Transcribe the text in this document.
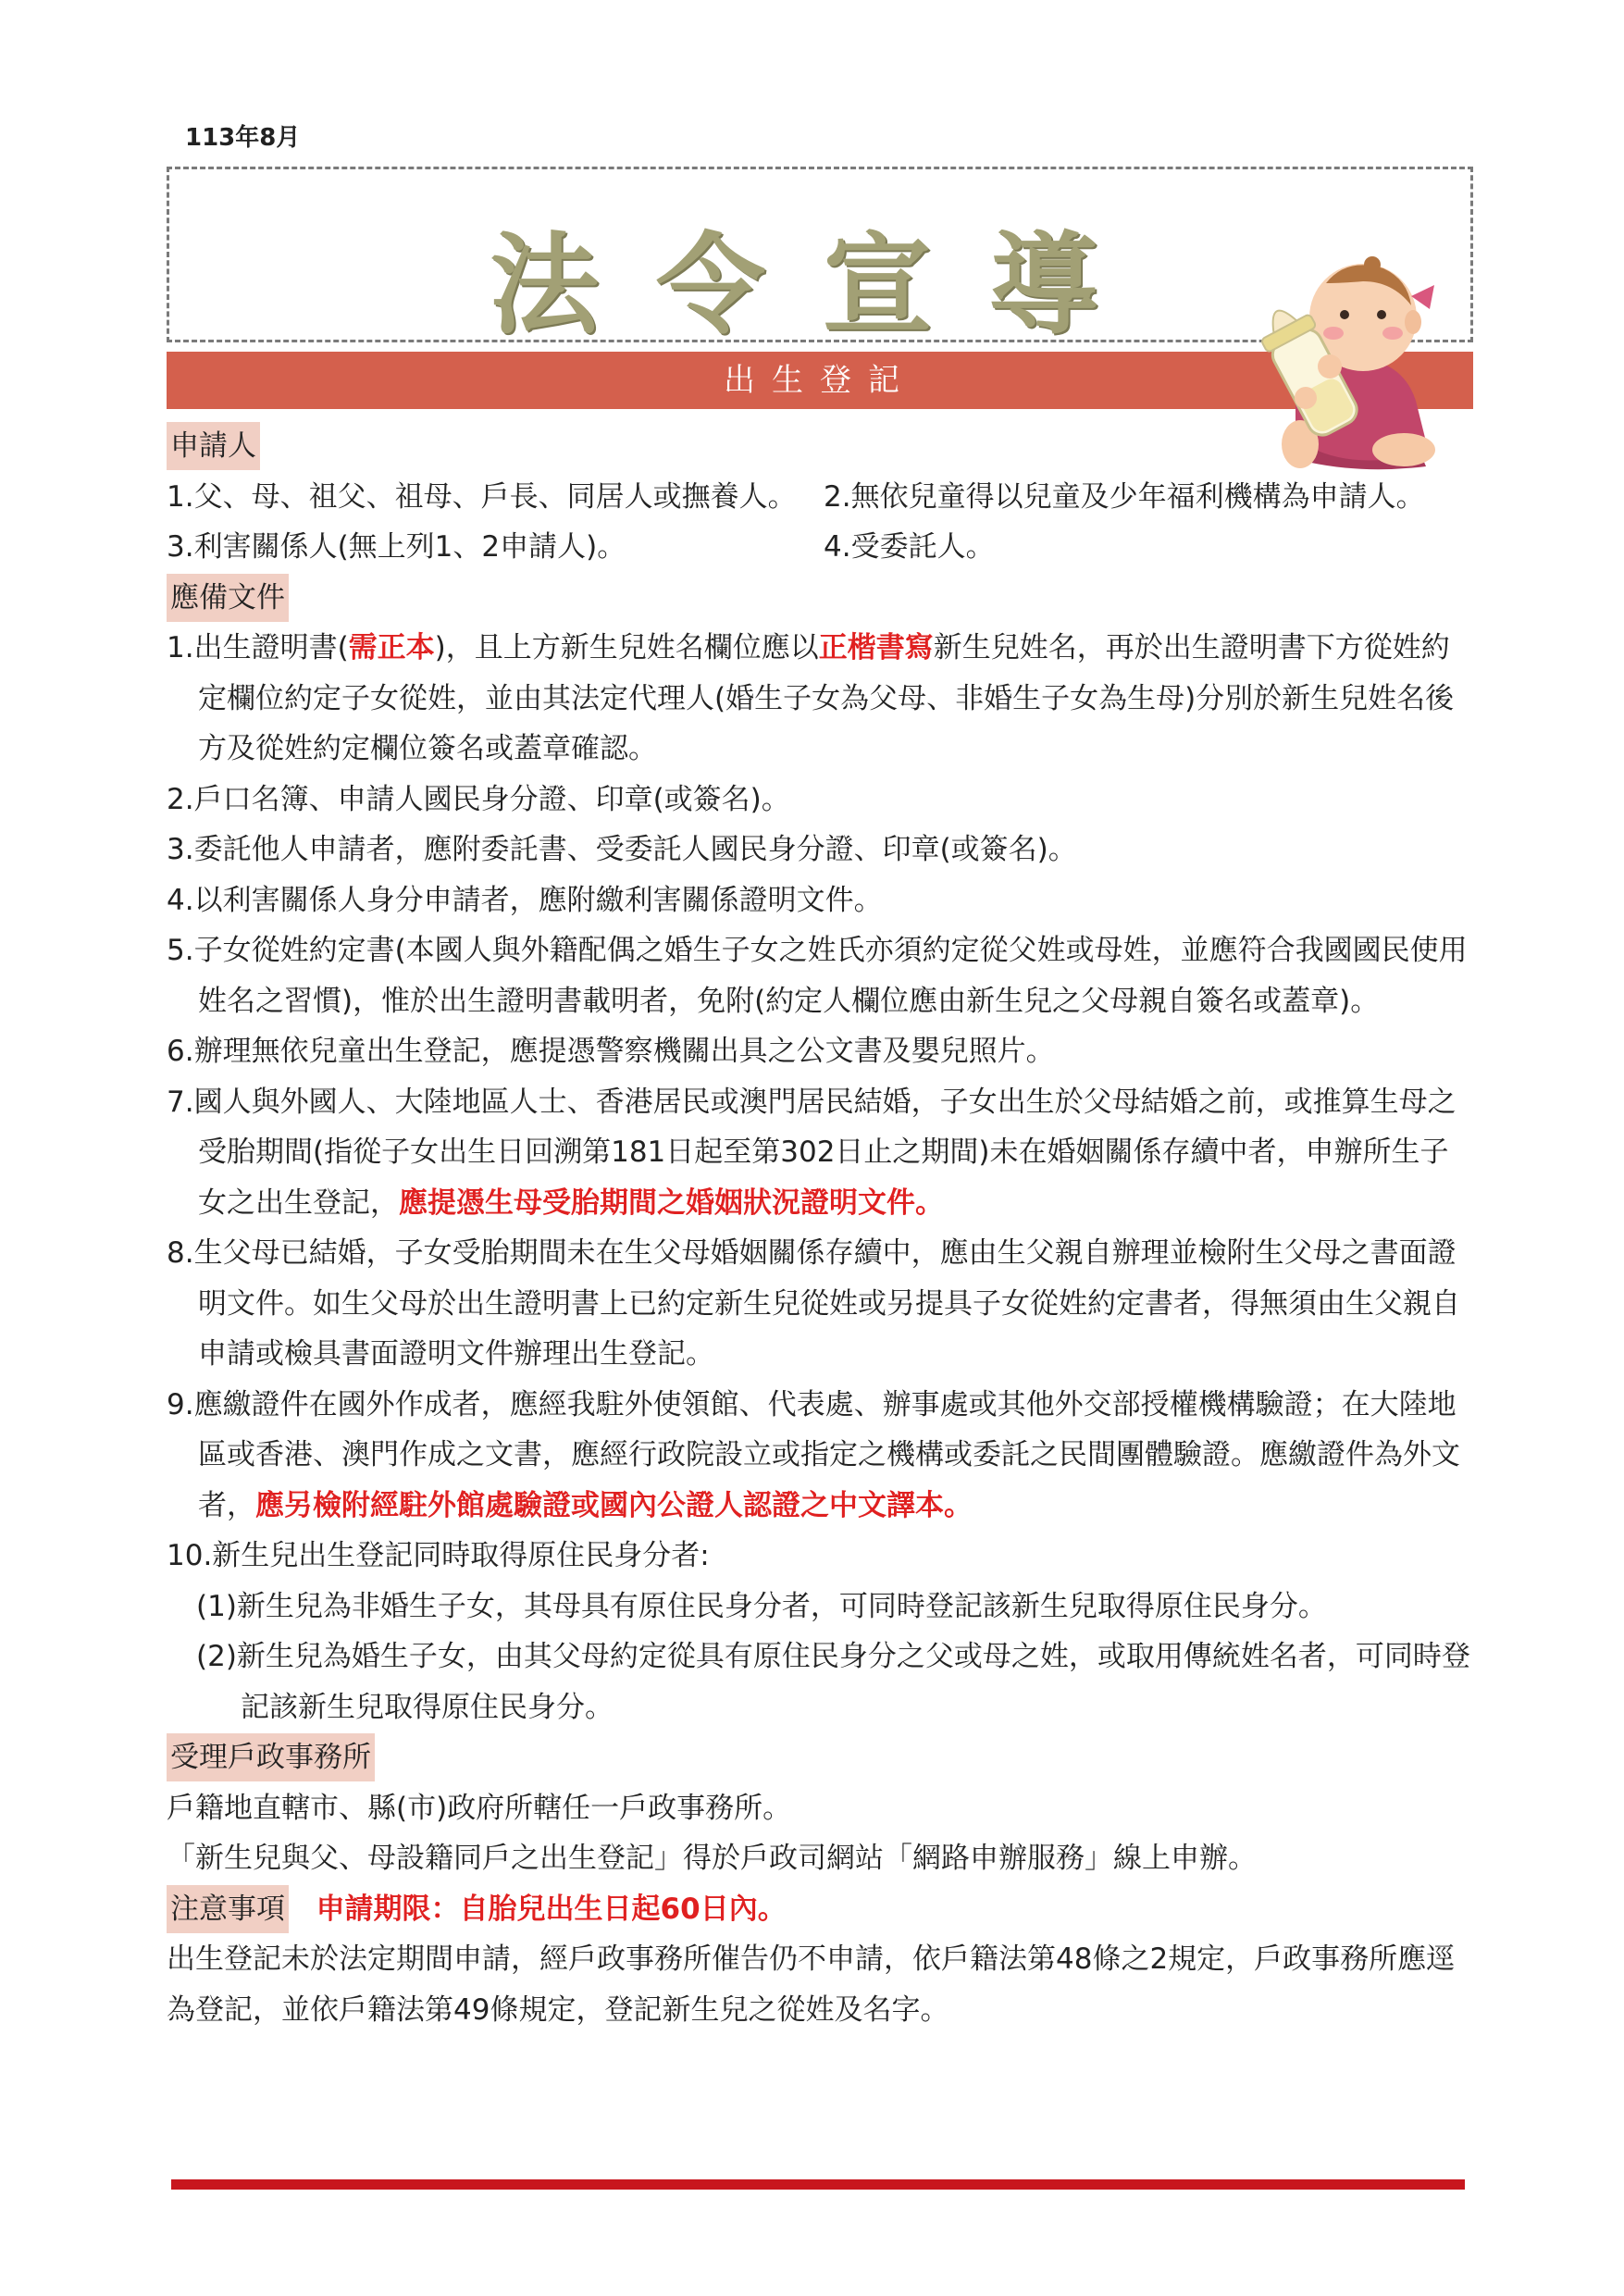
113年8月
法令宣導
出生登記

申請人

1.父、母、祖父、祖母、戶長、同居人或撫養人。 2.無依兒童得以兒童及少年福利機構為申請人。
3.利害關係人(無上列1、2申請人)。	4.受委託人。

應備文件

1.出生證明書(需正本)，且上方新生兒姓名欄位應以正楷書寫新生兒姓名，再於出生證明書下方從姓約定欄位約定子女從姓，並由其法定代理人(婚生子女為父母、非婚生子女為生母)分別於新生兒姓名後方及從姓約定欄位簽名或蓋章確認。

2.戶口名簿、申請人國民身分證、印章(或簽名)。

3.委託他人申請者，應附委託書、受委託人國民身分證、印章(或簽名)。

4.以利害關係人身分申請者，應附繳利害關係證明文件。

5.子女從姓約定書(本國人與外籍配偶之婚生子女之姓氏亦須約定從父姓或母姓，並應符合我國國民使用姓名之習慣)，惟於出生證明書載明者，免附(約定人欄位應由新生兒之父母親自簽名或蓋章)。

6.辦理無依兒童出生登記，應提憑警察機關出具之公文書及嬰兒照片。

7.國人與外國人、大陸地區人士、香港居民或澳門居民結婚，子女出生於父母結婚之前，或推算生母之受胎期間(指從子女出生日回溯第181日起至第302日止之期間)未在婚姻關係存續中者，申辦所生子女之出生登記，應提憑生母受胎期間之婚姻狀況證明文件。

8.生父母已結婚，子女受胎期間未在生父母婚姻關係存續中，應由生父親自辦理並檢附生父母之書面證明文件。如生父母於出生證明書上已約定新生兒從姓或另提具子女從姓約定書者，得無須由生父親自申請或檢具書面證明文件辦理出生登記。

9.應繳證件在國外作成者，應經我駐外使領館、代表處、辦事處或其他外交部授權機構驗證；在大陸地區或香港、澳門作成之文書，應經行政院設立或指定之機構或委託之民間團體驗證。應繳證件為外文者，應另檢附經駐外館處驗證或國內公證人認證之中文譯本。

10.新生兒出生登記同時取得原住民身分者:

(1)新生兒為非婚生子女，其母具有原住民身分者，可同時登記該新生兒取得原住民身分。

(2)新生兒為婚生子女，由其父母約定從具有原住民身分之父或母之姓，或取用傳統姓名者，可同時登記該新生兒取得原住民身分。

受理戶政事務所

戶籍地直轄市、縣(市)政府所轄任一戶政事務所。

「新生兒與父、母設籍同戶之出生登記」得於戶政司網站「網路申辦服務」線上申辦。

注意事項 申請期限：自胎兒出生日起60日內。

出生登記未於法定期間申請，經戶政事務所催告仍不申請，依戶籍法第48條之2規定，戶政事務所應逕為登記，並依戶籍法第49條規定，登記新生兒之從姓及名字。
